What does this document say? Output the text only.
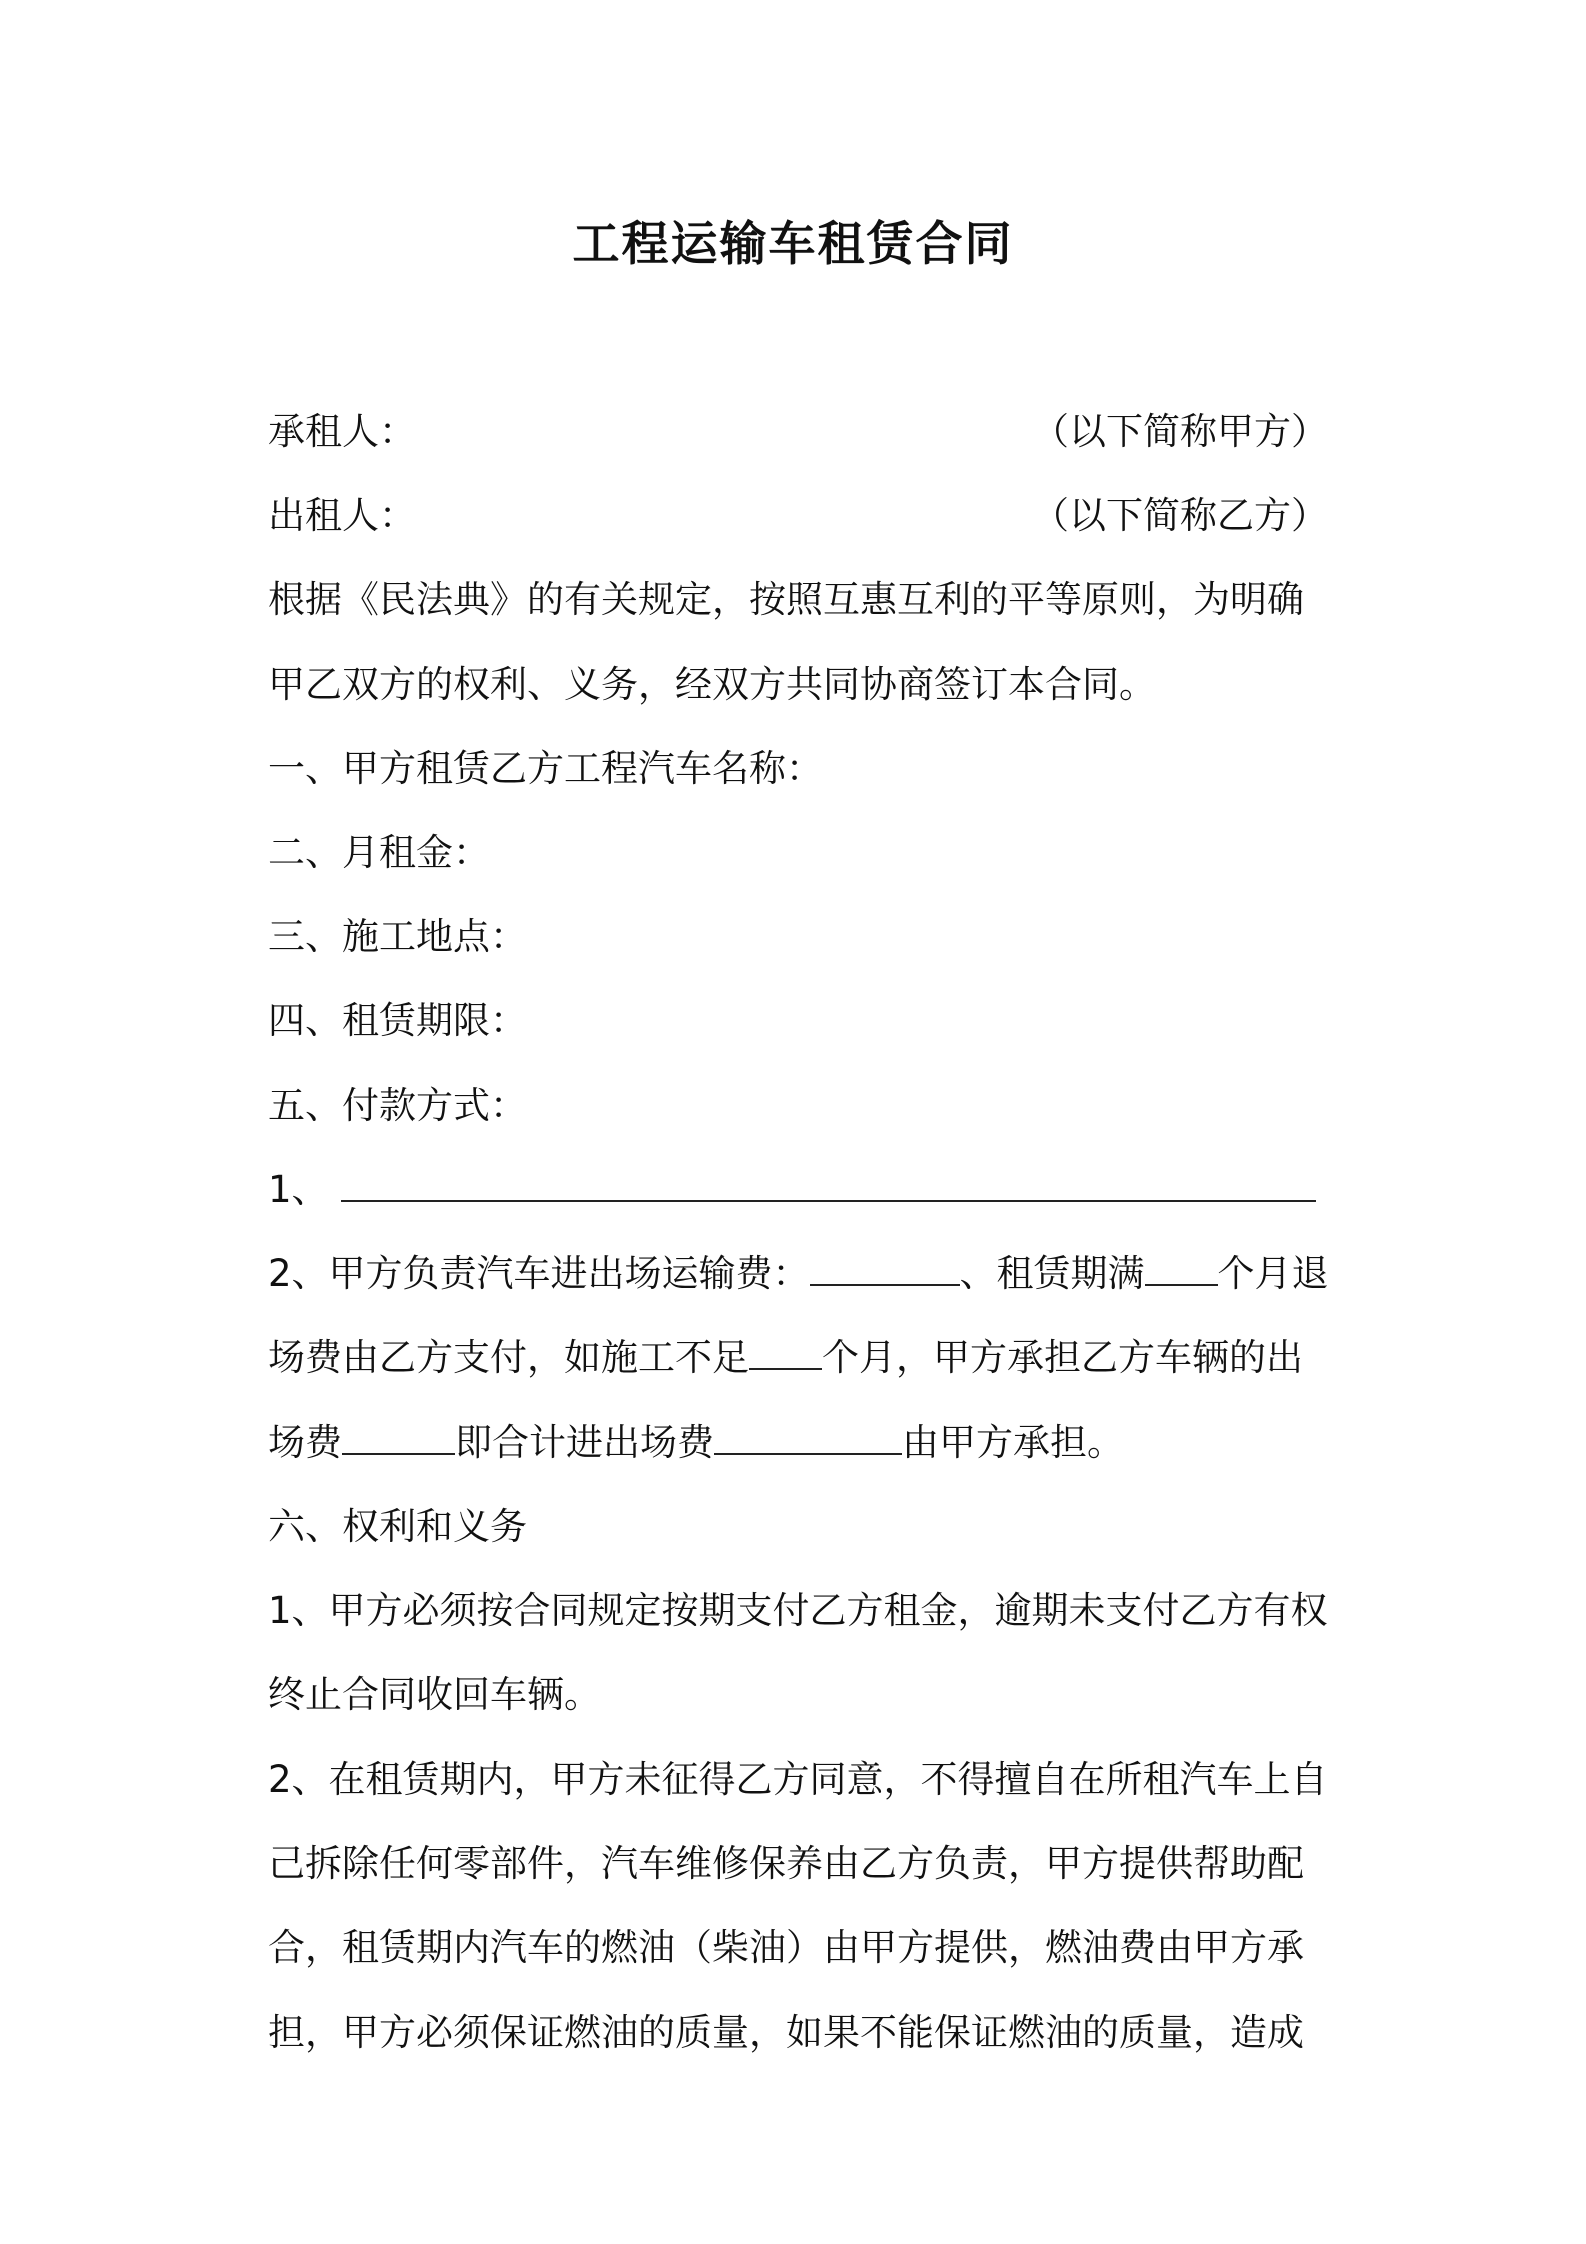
工程运输车租赁合同
承租人：	（以下简称甲方）
出租人：	（以下简称乙方）
根据《民法典》的有关规定，按照互惠互利的平等原则，为明确
甲乙双方的权利、义务，经双方共同协商签订本合同。
一、甲方租赁乙方工程汽车名称：
二、月租金：
三、施工地点：
四、租赁期限：
五、付款方式：
1、
2、甲方负责汽车进出场运输费：	、租赁期满 个月退
场费由乙方支付，如施工不足 个月，甲方承担乙方车辆的出
场费	即合计进出场费	由甲方承担。
六、权利和义务
1、甲方必须按合同规定按期支付乙方租金，逾期未支付乙方有权
终止合同收回车辆。
2、在租赁期内，甲方未征得乙方同意，不得擅自在所租汽车上自
己拆除任何零部件，汽车维修保养由乙方负责，甲方提供帮助配
合，租赁期内汽车的燃油（柴油）由甲方提供，燃油费由甲方承
担，甲方必须保证燃油的质量，如果不能保证燃油的质量，造成
